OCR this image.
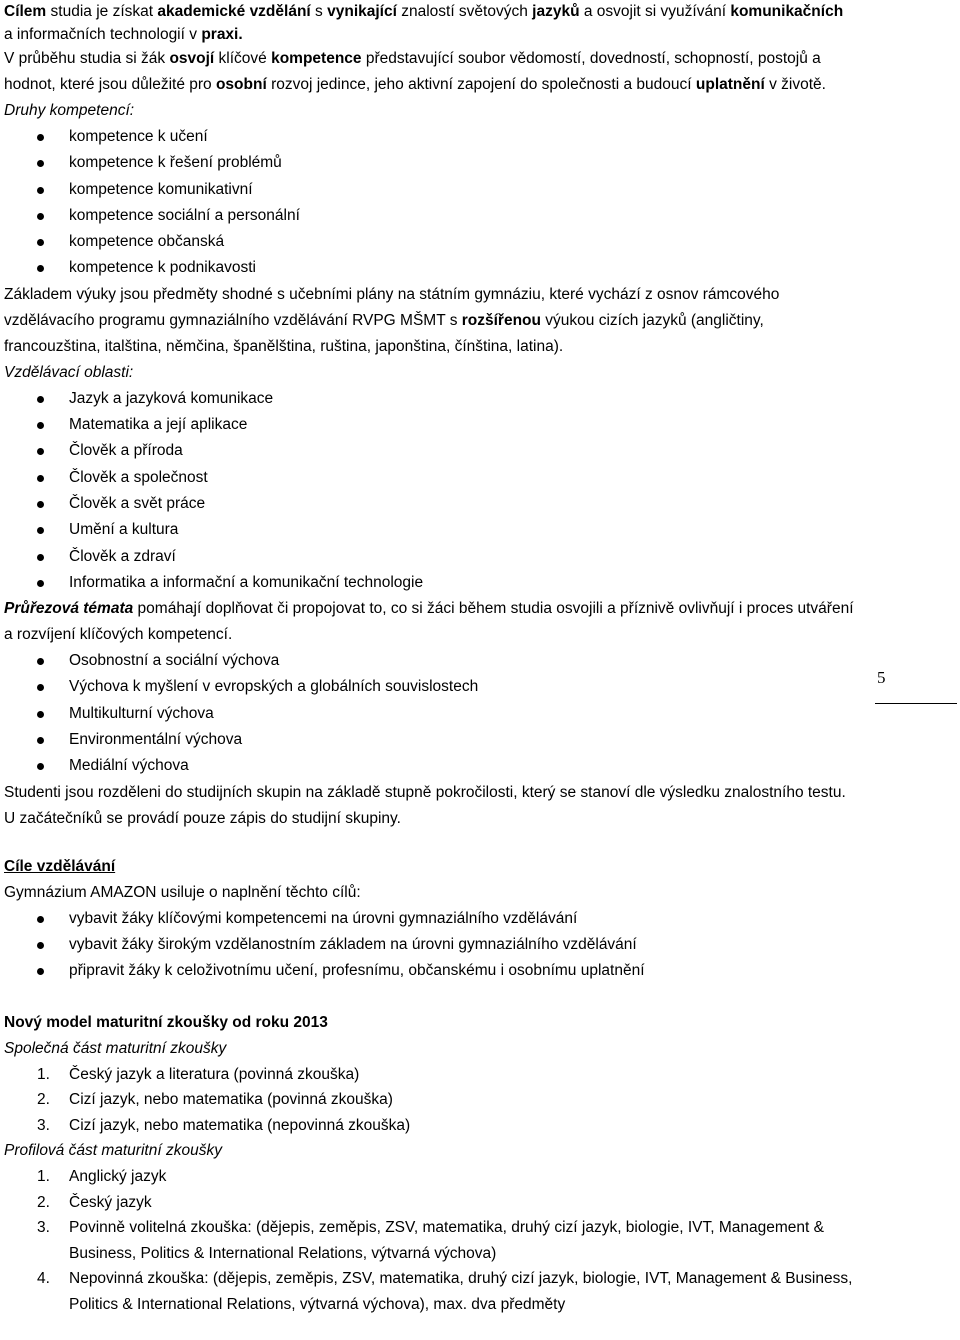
Cílem studia je získat akademické vzdělání s vynikající znalostí světových jazyků a osvojit si využívání komunikačních a informačních technologií v praxi.

V průběhu studia si žák osvojí klíčové kompetence představující soubor vědomostí, dovedností, schopností, postojů a hodnot, které jsou důležité pro osobní rozvoj jedince, jeho aktivní zapojení do společnosti a budoucí uplatnění v životě.

Druhy kompetencí:

kompetence k učení
kompetence k řešení problémů
kompetence komunikativní
kompetence sociální a personální
kompetence občanská
kompetence k podnikavosti

Základem výuky jsou předměty shodné s učebními plány na státním gymnáziu, které vychází z osnov rámcového vzdělávacího programu gymnaziálního vzdělávání RVPG MŠMT s rozšířenou výukou cizích jazyků (angličtiny, francouzština, italština, němčina, španělština, ruština, japonština, čínština, latina).

Vzdělávací oblasti:

Jazyk a jazyková komunikace
Matematika a její aplikace
Člověk a příroda
Člověk a společnost
Člověk a svět práce
Umění a kultura
Člověk a zdraví
Informatika a informační a komunikační technologie

Průřezová témata pomáhají doplňovat či propojovat to, co si žáci během studia osvojili a příznivě ovlivňují i proces utváření a rozvíjení klíčových kompetencí.

Osobnostní a sociální výchova
Výchova k myšlení v evropských a globálních souvislostech
Multikulturní výchova
Environmentální výchova
Mediální výchova

Studenti jsou rozděleni do studijních skupin na základě stupně pokročilosti, který se stanoví dle výsledku znalostního testu. U začátečníků se provádí pouze zápis do studijní skupiny.

Cíle vzdělávání

Gymnázium AMAZON usiluje o naplnění těchto cílů:

vybavit žáky klíčovými kompetencemi na úrovni gymnaziálního vzdělávání
vybavit žáky širokým vzdělanostním základem na úrovni gymnaziálního vzdělávání
připravit žáky k celoživotnímu učení, profesnímu, občanskému i osobnímu uplatnění

Nový model maturitní zkoušky od roku 2013

Společná část maturitní zkoušky

1. Český jazyk a literatura (povinná zkouška)
2. Cizí jazyk, nebo matematika (povinná zkouška)
3. Cizí jazyk, nebo matematika (nepovinná zkouška)

Profilová část maturitní zkoušky

1. Anglický jazyk
2. Český jazyk
3. Povinně volitelná zkouška: (dějepis, zeměpis, ZSV, matematika, druhý cizí jazyk, biologie, IVT, Management & Business, Politics & International Relations, výtvarná výchova)
4. Nepovinná zkouška: (dějepis, zeměpis, ZSV, matematika, druhý cizí jazyk, biologie, IVT, Management & Business, Politics & International Relations, výtvarná výchova), max. dva předměty
5
